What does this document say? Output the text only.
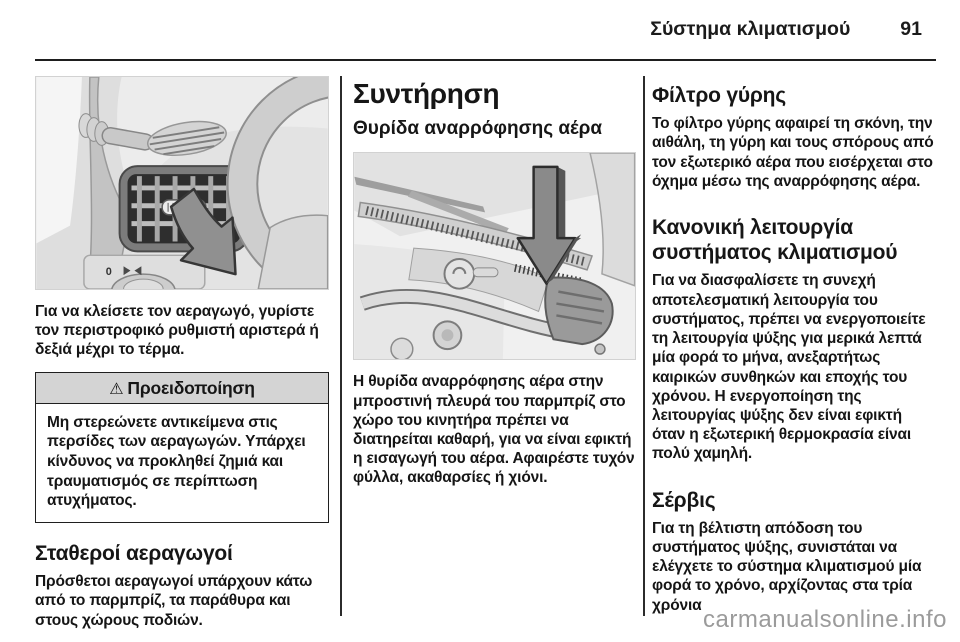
Σύστημα κλιματισμού	91
0

Για να κλείσετε τον αεραγωγό, γυρίστε τον περιστροφικό ρυθμιστή αριστερά ή δεξιά μέχρι το τέρμα.

⚠ Προειδοποίηση
Μη στερεώνετε αντικείμενα στις περσίδες των αεραγωγών. Υπάρχει κίνδυνος να προκληθεί ζημιά και τραυματισμός σε περίπτωση ατυχήματος.
Σταθεροί αεραγωγοί

Πρόσθετοι αεραγωγοί υπάρχουν κάτω από το παρμπρίζ, τα παράθυρα και στους χώρους ποδιών.

Συντήρηση
Θυρίδα αναρρόφησης αέρα

Η θυρίδα αναρρόφησης αέρα στην μπροστινή πλευρά του παρμπρίζ στο χώρο του κινητήρα πρέπει να διατηρείται καθαρή, για να είναι εφικτή η εισαγωγή του αέρα. Αφαιρέστε τυχόν φύλλα, ακαθαρσίες ή χιόνι.

Φίλτρο γύρης

Το φίλτρο γύρης αφαιρεί τη σκόνη, την αιθάλη, τη γύρη και τους σπόρους από τον εξωτερικό αέρα που εισέρχεται στο όχημα μέσω της αναρρόφησης αέρα.

Κανονική λειτουργία συστήματος κλιματισμού

Για να διασφαλίσετε τη συνεχή αποτελεσματική λειτουργία του συστήματος, πρέπει να ενεργοποιείτε τη λειτουργία ψύξης για μερικά λεπτά μία φορά το μήνα, ανεξαρτήτως καιρικών συνθηκών και εποχής του χρόνου. Η ενεργοποίηση της λειτουργίας ψύξης δεν είναι εφικτή όταν η εξωτερική θερμοκρασία είναι πολύ χαμηλή.

Σέρβις

Για τη βέλτιστη απόδοση του συστήματος ψύξης, συνιστάται να ελέγχετε το σύστημα κλιματισμού μία φορά το χρόνο, αρχίζοντας στα τρία χρόνια

carmanualsonline.info
